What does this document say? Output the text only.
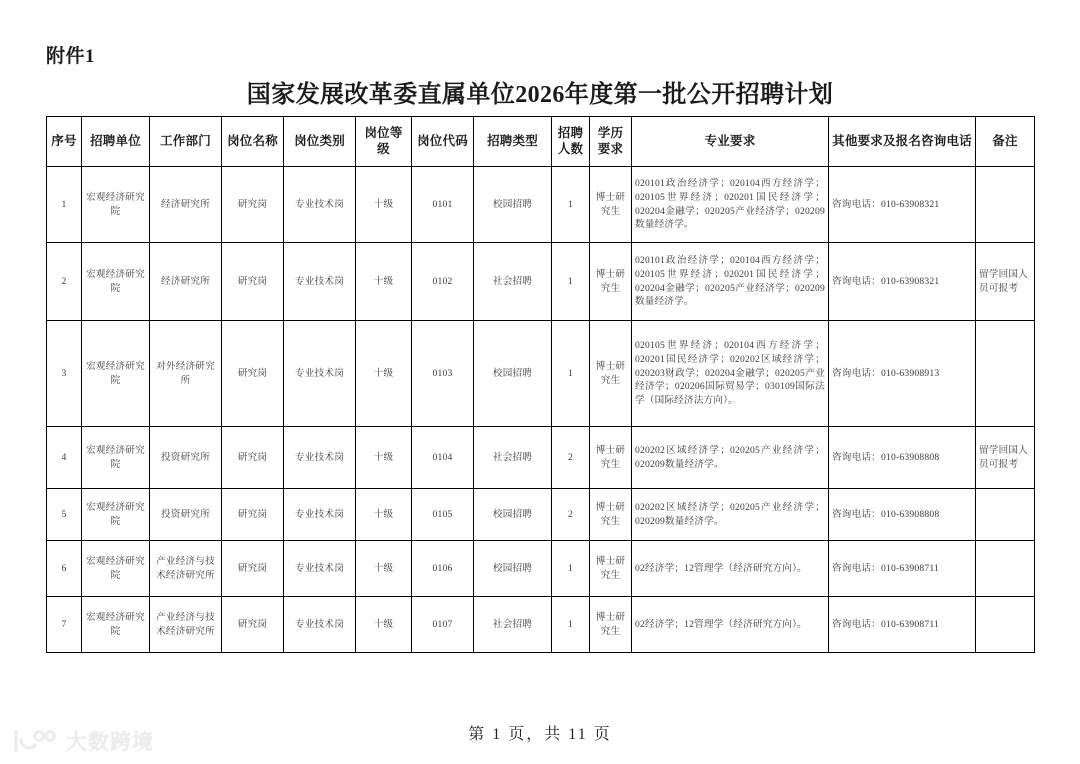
附件1
国家发展改革委直属单位2026年度第一批公开招聘计划
序号	招聘单位	工作部门	岗位名称	岗位类别	岗位等级	岗位代码	招聘类型	招聘人数	学历要求	专业要求	其他要求及报名咨询电话	备注
1	宏观经济研究院	经济研究所	研究岗	专业技术岗	十级	0101	校园招聘	1	博士研究生	020101政治经济学；020104西方经济学；020105世界经济；020201国民经济学；020204金融学；020205产业经济学；020209数量经济学。	咨询电话：010-63908321	
2	宏观经济研究院	经济研究所	研究岗	专业技术岗	十级	0102	社会招聘	1	博士研究生	020101政治经济学；020104西方经济学；020105世界经济；020201国民经济学；020204金融学；020205产业经济学；020209数量经济学。	咨询电话：010-63908321	留学回国人员可报考
3	宏观经济研究院	对外经济研究所	研究岗	专业技术岗	十级	0103	校园招聘	1	博士研究生	020105世界经济；020104西方经济学；020201国民经济学；020202区域经济学；020203财政学；020204金融学；020205产业经济学；020206国际贸易学；030109国际法学（国际经济法方向）。	咨询电话：010-63908913	
4	宏观经济研究院	投资研究所	研究岗	专业技术岗	十级	0104	社会招聘	2	博士研究生	020202区域经济学；020205产业经济学；020209数量经济学。	咨询电话：010-63908808	留学回国人员可报考
5	宏观经济研究院	投资研究所	研究岗	专业技术岗	十级	0105	校园招聘	2	博士研究生	020202区域经济学；020205产业经济学；020209数量经济学。	咨询电话：010-63908808	
6	宏观经济研究院	产业经济与技术经济研究所	研究岗	专业技术岗	十级	0106	校园招聘	1	博士研究生	02经济学；12管理学（经济研究方向）。	咨询电话：010-63908711	
7	宏观经济研究院	产业经济与技术经济研究所	研究岗	专业技术岗	十级	0107	社会招聘	1	博士研究生	02经济学；12管理学（经济研究方向）。	咨询电话：010-63908711	
第 1 页，共 11 页
大数跨境
